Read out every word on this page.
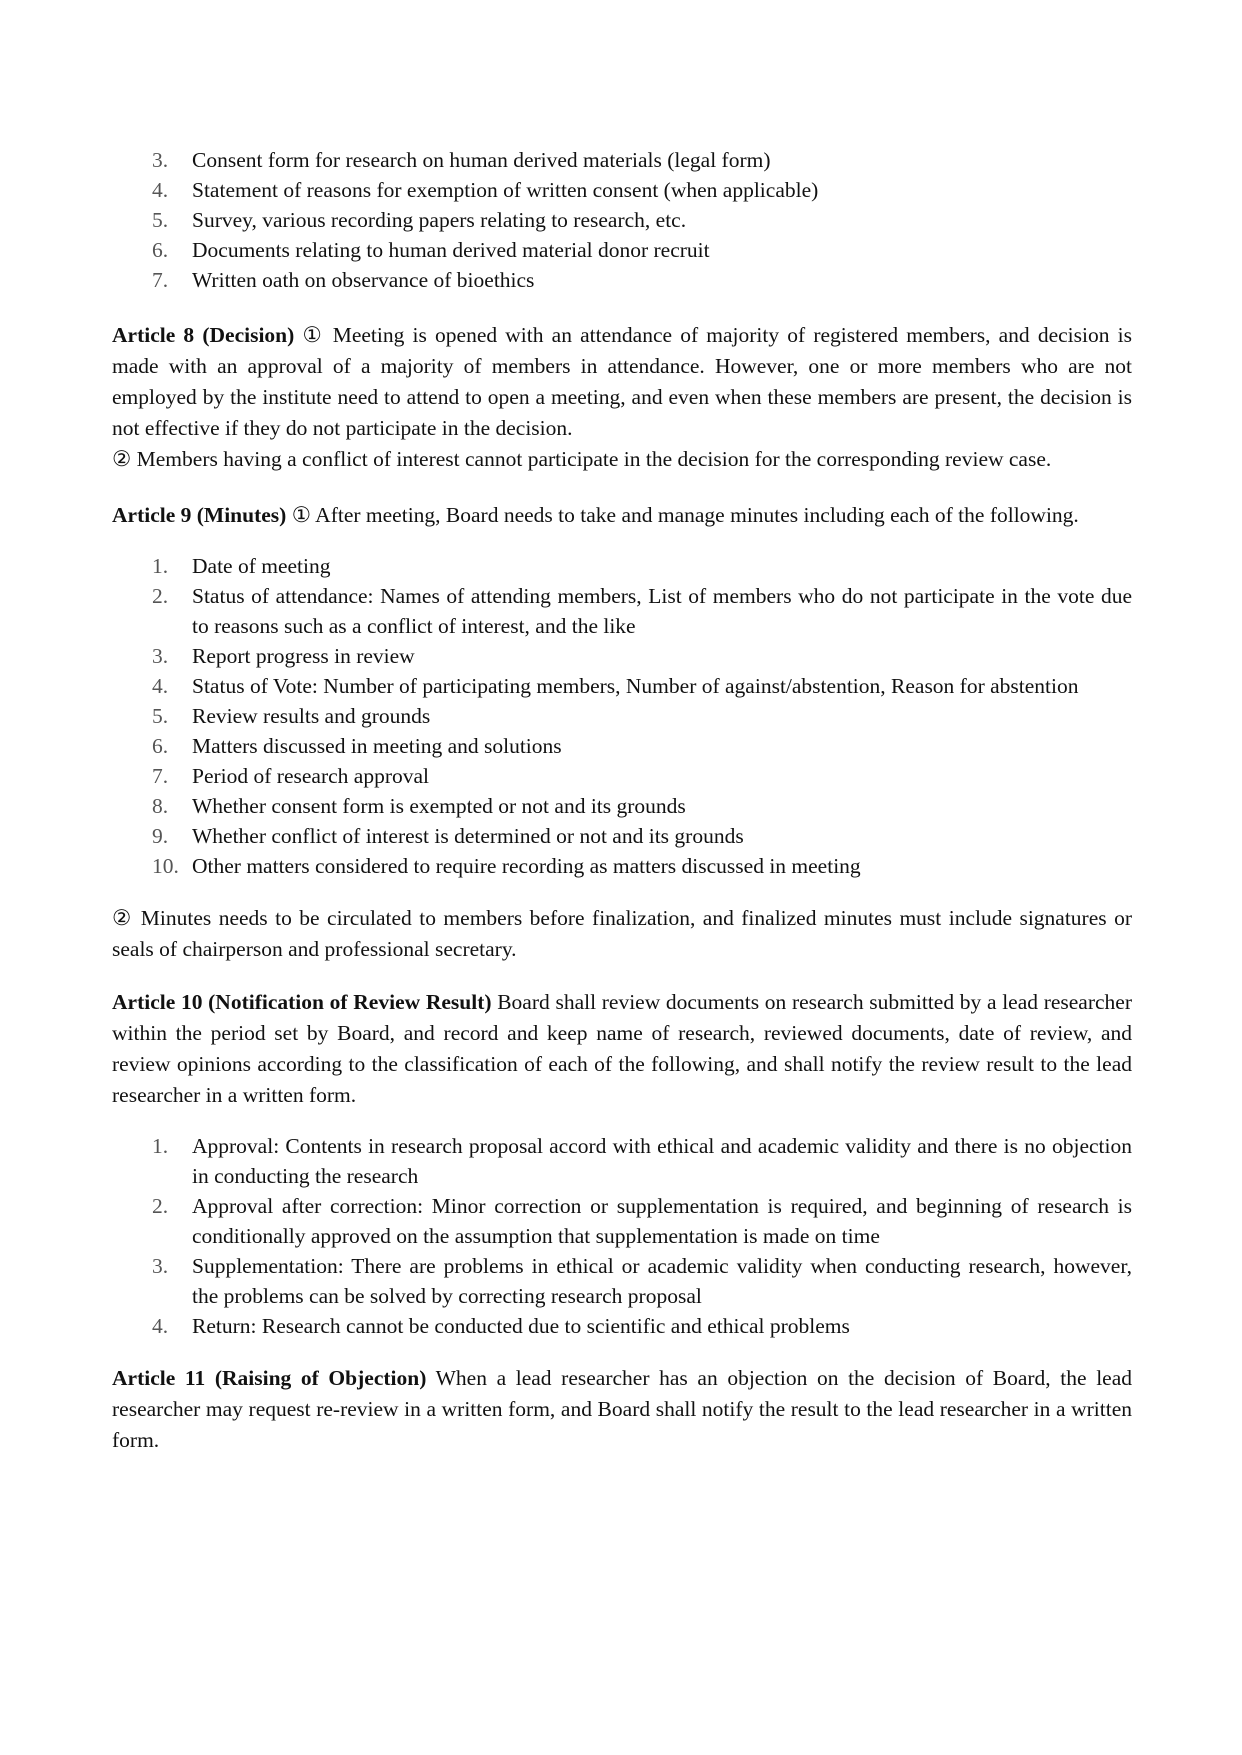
3.	Consent form for research on human derived materials (legal form)
4.	Statement of reasons for exemption of written consent (when applicable)
5.	Survey, various recording papers relating to research, etc.
6.	Documents relating to human derived material donor recruit
7.	Written oath on observance of bioethics
Article 8 (Decision) ① Meeting is opened with an attendance of majority of registered members, and decision is made with an approval of a majority of members in attendance. However, one or more members who are not employed by the institute need to attend to open a meeting, and even when these members are present, the decision is not effective if they do not participate in the decision.
② Members having a conflict of interest cannot participate in the decision for the corresponding review case.
Article 9 (Minutes) ① After meeting, Board needs to take and manage minutes including each of the following.
1.	Date of meeting
2.	Status of attendance: Names of attending members, List of members who do not participate in the vote due to reasons such as a conflict of interest, and the like
3.	Report progress in review
4.	Status of Vote: Number of participating members, Number of against/abstention, Reason for abstention
5.	Review results and grounds
6.	Matters discussed in meeting and solutions
7.	Period of research approval
8.	Whether consent form is exempted or not and its grounds
9.	Whether conflict of interest is determined or not and its grounds
10. Other matters considered to require recording as matters discussed in meeting
② Minutes needs to be circulated to members before finalization, and finalized minutes must include signatures or seals of chairperson and professional secretary.
Article 10 (Notification of Review Result) Board shall review documents on research submitted by a lead researcher within the period set by Board, and record and keep name of research, reviewed documents, date of review, and review opinions according to the classification of each of the following, and shall notify the review result to the lead researcher in a written form.
1.	Approval: Contents in research proposal accord with ethical and academic validity and there is no objection in conducting the research
2.	Approval after correction: Minor correction or supplementation is required, and beginning of research is conditionally approved on the assumption that supplementation is made on time
3.	Supplementation: There are problems in ethical or academic validity when conducting research, however, the problems can be solved by correcting research proposal
4.	Return: Research cannot be conducted due to scientific and ethical problems
Article 11 (Raising of Objection) When a lead researcher has an objection on the decision of Board, the lead researcher may request re-review in a written form, and Board shall notify the result to the lead researcher in a written form.
